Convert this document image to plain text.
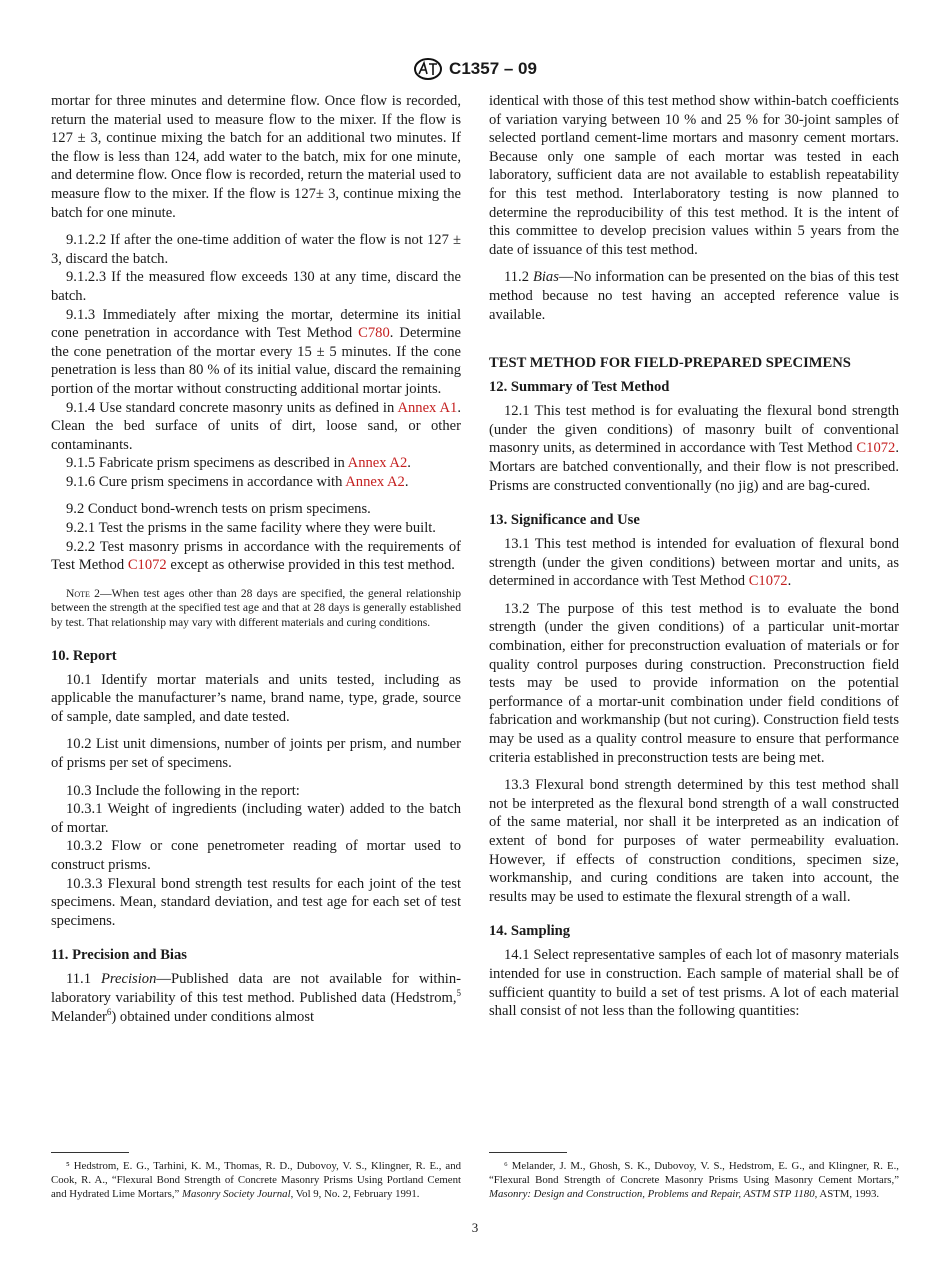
C1357 – 09

mortar for three minutes and determine flow. Once flow is recorded, return the material used to measure flow to the mixer. If the flow is 127 ± 3, continue mixing the batch for an additional two minutes. If the flow is less than 124, add water to the batch, mix for one minute, and determine flow. Once flow is recorded, return the material used to measure flow to the mixer. If the flow is 127± 3, continue mixing the batch for one minute.

9.1.2.2 If after the one-time addition of water the flow is not 127 ± 3, discard the batch.

9.1.2.3 If the measured flow exceeds 130 at any time, discard the batch.

9.1.3 Immediately after mixing the mortar, determine its initial cone penetration in accordance with Test Method C780. Determine the cone penetration of the mortar every 15 ± 5 minutes. If the cone penetration is less than 80 % of its initial value, discard the remaining portion of the mortar without constructing additional mortar joints.

9.1.4 Use standard concrete masonry units as defined in Annex A1. Clean the bed surface of units of dirt, loose sand, or other contaminants.

9.1.5 Fabricate prism specimens as described in Annex A2.

9.1.6 Cure prism specimens in accordance with Annex A2.

9.2 Conduct bond-wrench tests on prism specimens.

9.2.1 Test the prisms in the same facility where they were built.

9.2.2 Test masonry prisms in accordance with the requirements of Test Method C1072 except as otherwise provided in this test method.

Note 2—When test ages other than 28 days are specified, the general relationship between the strength at the specified test age and that at 28 days is generally established by test. That relationship may vary with different materials and curing conditions.

10. Report

10.1 Identify mortar materials and units tested, including as applicable the manufacturer’s name, brand name, type, grade, source of sample, date sampled, and date tested.

10.2 List unit dimensions, number of joints per prism, and number of prisms per set of specimens.

10.3 Include the following in the report:

10.3.1 Weight of ingredients (including water) added to the batch of mortar.

10.3.2 Flow or cone penetrometer reading of mortar used to construct prisms.

10.3.3 Flexural bond strength test results for each joint of the test specimens. Mean, standard deviation, and test age for each set of test specimens.

11. Precision and Bias

11.1 Precision—Published data are not available for within-laboratory variability of this test method. Published data (Hedstrom,$^5$ Melander$^6$) obtained under conditions almost

identical with those of this test method show within-batch coefficients of variation varying between 10 % and 25 % for 30-joint samples of selected portland cement-lime mortars and masonry cement mortars. Because only one sample of each mortar was tested in each laboratory, sufficient data are not available to establish repeatability for this test method. Interlaboratory testing is now planned to determine the reproducibility of this test method. It is the intent of this committee to develop precision values within 5 years from the date of issuance of this test method.

11.2 Bias—No information can be presented on the bias of this test method because no test having an accepted reference value is available.

TEST METHOD FOR FIELD-PREPARED SPECIMENS
12. Summary of Test Method

12.1 This test method is for evaluating the flexural bond strength (under the given conditions) of masonry built of conventional masonry units, as determined in accordance with Test Method C1072. Mortars are batched conventionally, and their flow is not prescribed. Prisms are constructed conventionally (no jig) and are bag-cured.

13. Significance and Use

13.1 This test method is intended for evaluation of flexural bond strength (under the given conditions) between mortar and units, as determined in accordance with Test Method C1072.

13.2 The purpose of this test method is to evaluate the bond strength (under the given conditions) of a particular unit-mortar combination, either for preconstruction evaluation of materials or for quality control purposes during construction. Preconstruction field tests may be used to provide information on the potential performance of a mortar-unit combination under field conditions of fabrication and workmanship (but not curing). Construction field tests may be used as a quality control measure to ensure that performance criteria established in preconstruction tests are being met.

13.3 Flexural bond strength determined by this test method shall not be interpreted as the flexural bond strength of a wall constructed of the same material, nor shall it be interpreted as an indication of extent of bond for purposes of water permeability evaluation. However, if effects of construction conditions, specimen size, workmanship, and curing conditions are taken into account, the results may be used to estimate the flexural strength of a wall.

14. Sampling

14.1 Select representative samples of each lot of masonry materials intended for use in construction. Each sample of material shall be of sufficient quantity to build a set of test prisms. A lot of each material shall consist of not less than the following quantities:

⁵ Hedstrom, E. G., Tarhini, K. M., Thomas, R. D., Dubovoy, V. S., Klingner, R. E., and Cook, R. A., “Flexural Bond Strength of Concrete Masonry Prisms Using Portland Cement and Hydrated Lime Mortars,” Masonry Society Journal, Vol 9, No. 2, February 1991.

⁶ Melander, J. M., Ghosh, S. K., Dubovoy, V. S., Hedstrom, E. G., and Klingner, R. E., “Flexural Bond Strength of Concrete Masonry Prisms Using Masonry Cement Mortars,” Masonry: Design and Construction, Problems and Repair, ASTM STP 1180, ASTM, 1993.

3
